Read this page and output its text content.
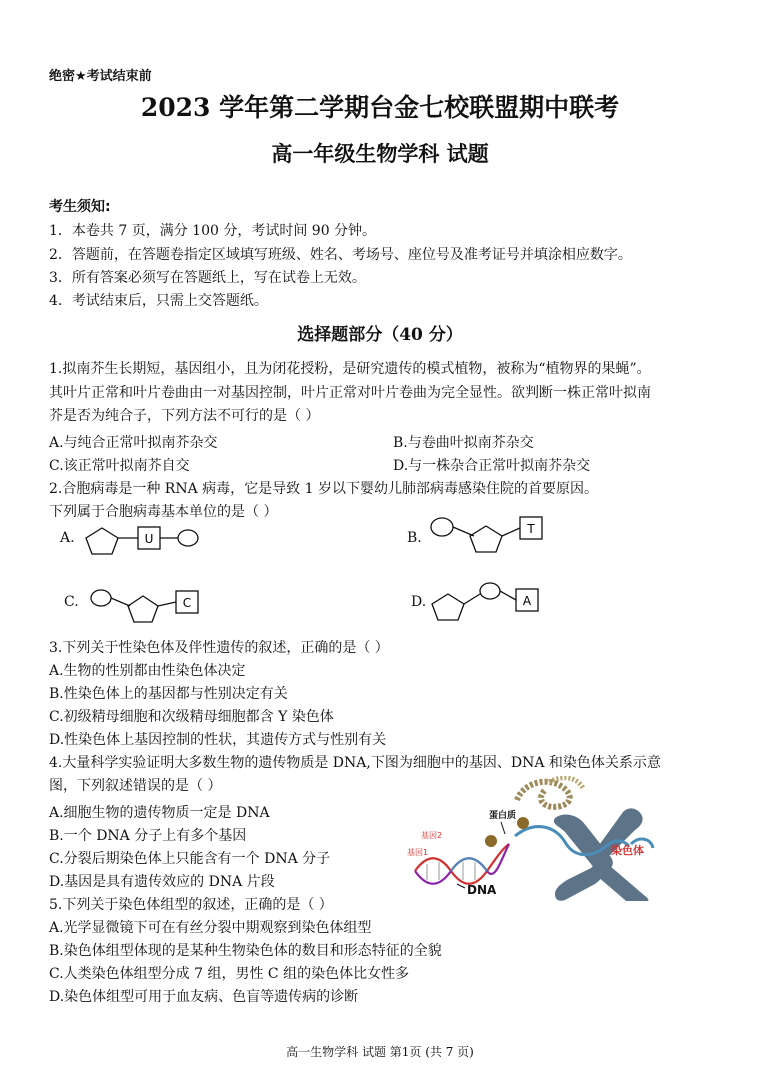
绝密★考试结束前
2023 学年第二学期台金七校联盟期中联考
高一年级生物学科 试题
考生须知:
1．本卷共 7 页，满分 100 分，考试时间 90 分钟。
2．答题前，在答题卷指定区域填写班级、姓名、考场号、座位号及准考证号并填涂相应数字。
3．所有答案必须写在答题纸上，写在试卷上无效。
4．考试结束后，只需上交答题纸。
选择题部分（40 分）
1.拟南芥生长期短，基因组小，且为闭花授粉，是研究遗传的模式植物，被称为“植物界的果蝇”。
其叶片正常和叶片卷曲由一对基因控制，叶片正常对叶片卷曲为完全显性。欲判断一株正常叶拟南
芥是否为纯合子，下列方法不可行的是（ ）
A.与纯合正常叶拟南芥杂交	B.与卷曲叶拟南芥杂交
C.该正常叶拟南芥自交	D.与一株杂合正常叶拟南芥杂交
2.合胞病毒是一种 RNA 病毒，它是导致 1 岁以下婴幼儿肺部病毒感染住院的首要原因。
下列属于合胞病毒基本单位的是（ ）
A.	U	B.
T
C.	C	D.	A
3.下列关于性染色体及伴性遗传的叙述，正确的是（ ）
A.生物的性别都由性染色体决定
B.性染色体上的基因都与性别决定有关
C.初级精母细胞和次级精母细胞都含 Y 染色体
D.性染色体上基因控制的性状，其遗传方式与性别有关
4.大量科学实验证明大多数生物的遗传物质是 DNA,下图为细胞中的基因、DNA 和染色体关系示意
图，下列叙述错误的是（ ）
A.细胞生物的遗传物质一定是 DNA
B.一个 DNA 分子上有多个基因
C.分裂后期染色体上只能含有一个 DNA 分子
D.基因是具有遗传效应的 DNA 片段	DNA
蛋白质
基因2
基因1	染色体
5.下列关于染色体组型的叙述，正确的是（ ）
A.光学显微镜下可在有丝分裂中期观察到染色体组型
B.染色体组型体现的是某种生物染色体的数目和形态特征的全貌
C.人类染色体组型分成 7 组，男性 C 组的染色体比女性多
D.染色体组型可用于血友病、色盲等遗传病的诊断
高一生物学科 试题 第1页 (共 7 页)
